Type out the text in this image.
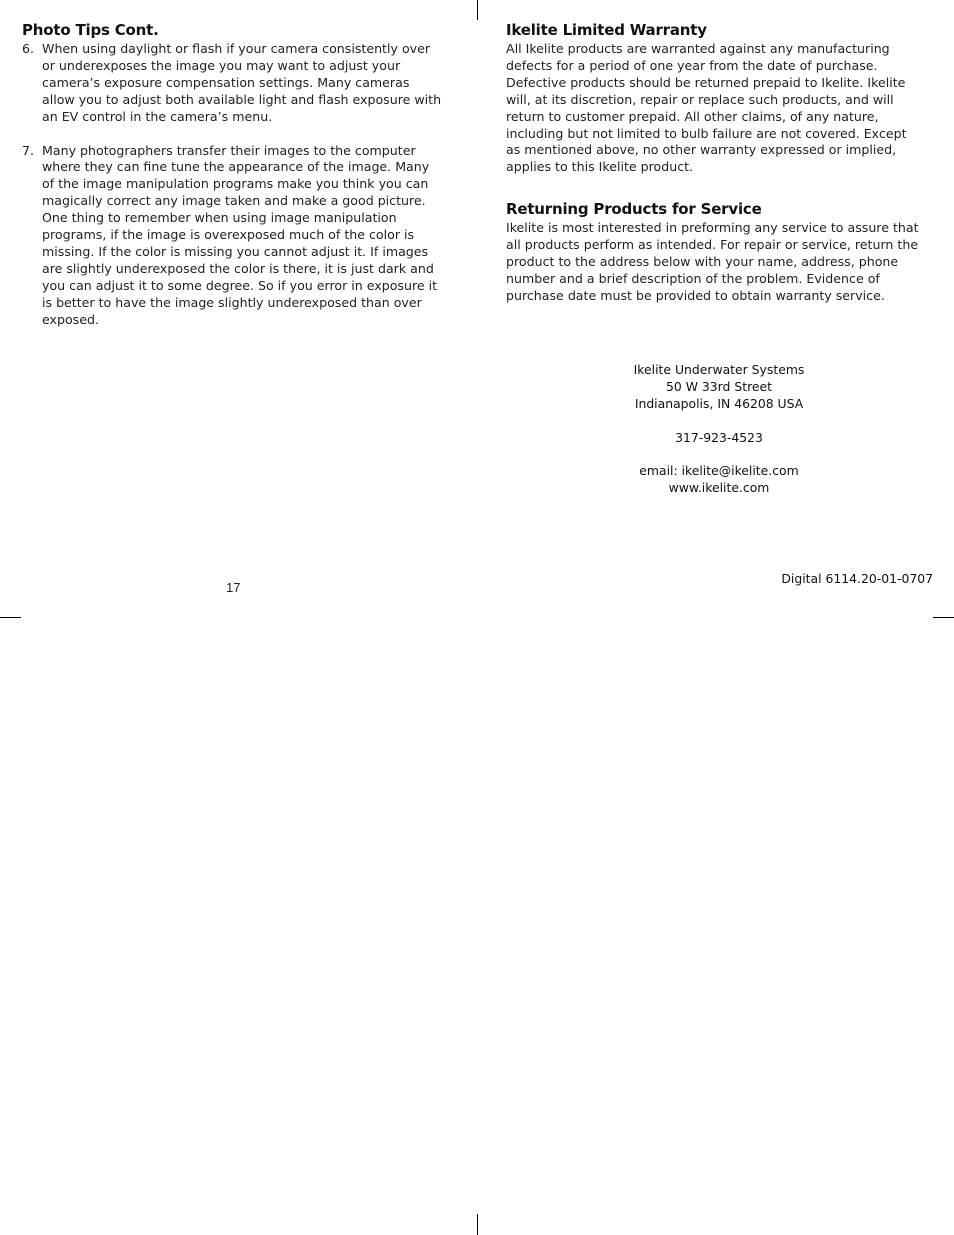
Photo Tips Cont.
6. When using daylight or flash if your camera consistently over or underexposes the image you may want to adjust your camera’s exposure compensation settings. Many cameras allow you to adjust both available light and flash exposure with an EV control in the camera’s menu.
7. Many photographers transfer their images to the computer where they can fine tune the appearance of the image. Many of the image manipulation programs make you think you can magically correct any image taken and make a good picture. One thing to remember when using image manipulation programs, if the image is overexposed much of the color is missing. If the color is missing you cannot adjust it. If images are slightly underexposed the color is there, it is just dark and you can adjust it to some degree. So if you error in exposure it is better to have the image slightly underexposed than over exposed.
Ikelite Limited Warranty

All Ikelite products are warranted against any manufacturing defects for a period of one year from the date of purchase. Defective products should be returned prepaid to Ikelite. Ikelite will, at its discretion, repair or replace such products, and will return to customer prepaid. All other claims, of any nature, including but not limited to bulb failure are not covered. Except as mentioned above, no other warranty expressed or implied, applies to this Ikelite product.

Returning Products for Service

Ikelite is most interested in preforming any service to assure that all products perform as intended. For repair or service, return the product to the address below with your name, address, phone number and a brief description of the problem. Evidence of purchase date must be provided to obtain warranty service.

Ikelite Underwater Systems
50 W 33rd Street
Indianapolis, IN 46208 USA
317-923-4523
email: ikelite@ikelite.com
www.ikelite.com
17
Digital 6114.20-01-0707
